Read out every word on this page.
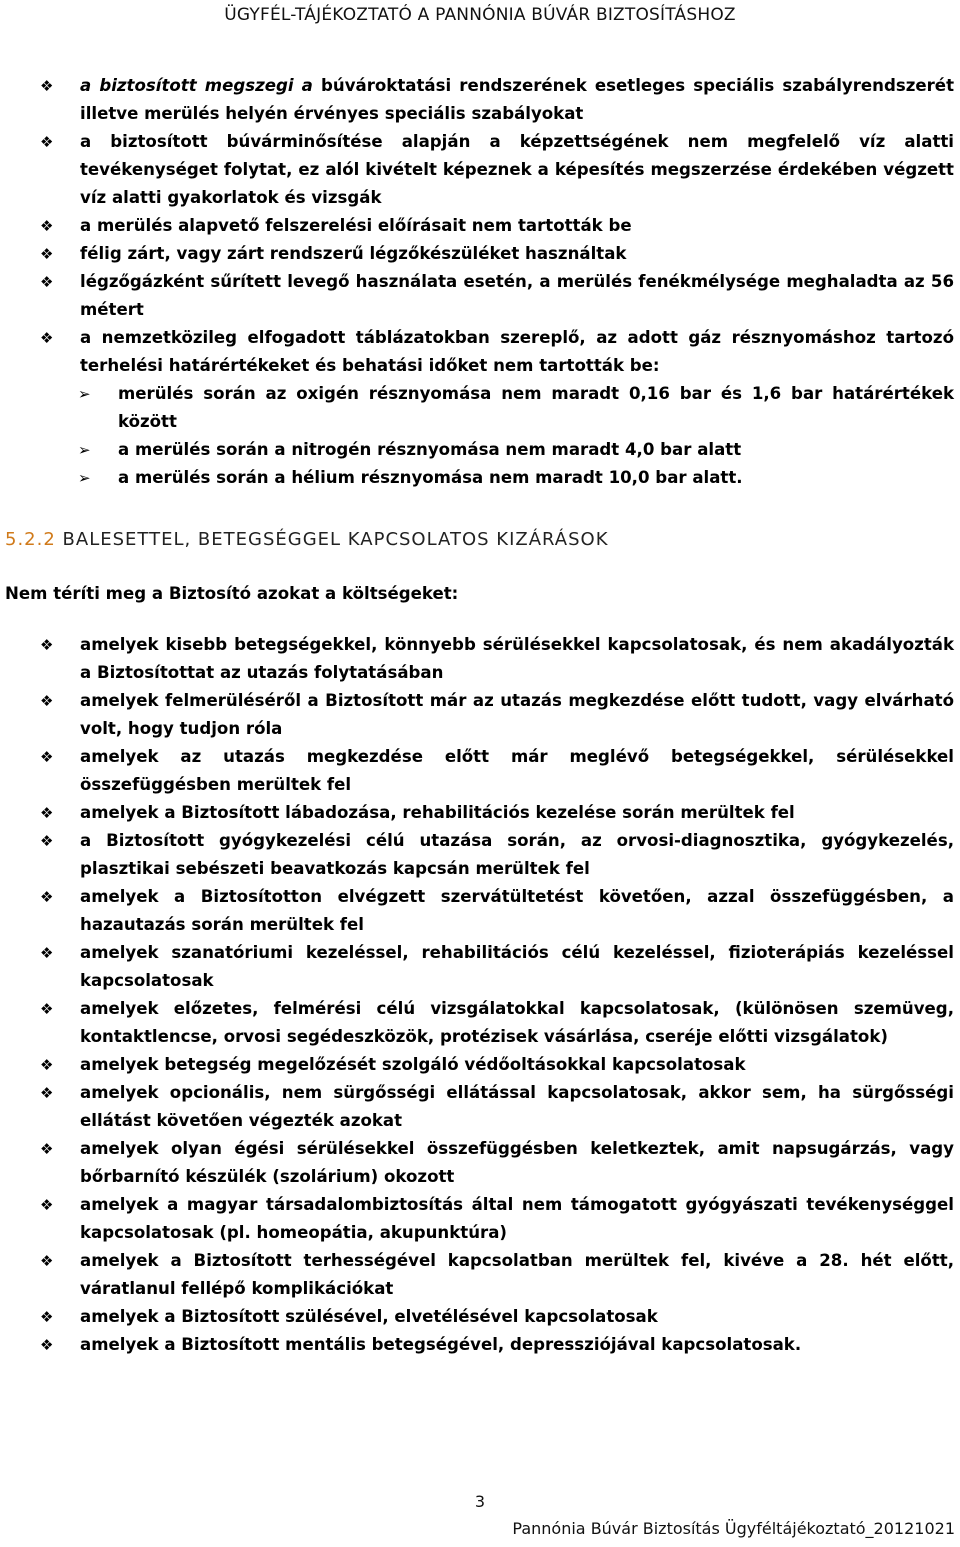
ÜGYFÉL-TÁJÉKOZTATÓ A PANNÓNIA BÚVÁR BIZTOSÍTÁSHOZ
❖	a biztosított megszegi a búvároktatási rendszerének esetleges speciális szabályrendszerét illetve merülés helyén érvényes speciális szabályokat
❖	a biztosított búvárminősítése alapján a képzettségének nem megfelelő víz alatti tevékenységet folytat, ez alól kivételt képeznek a képesítés megszerzése érdekében végzett víz alatti gyakorlatok és vizsgák
❖	a merülés alapvető felszerelési előírásait nem tartották be
❖	félig zárt, vagy zárt rendszerű légzőkészüléket használtak
❖	légzőgázként sűrített levegő használata esetén, a merülés fenékmélysége meghaladta az 56 métert
❖	a nemzetközileg elfogadott táblázatokban szereplő, az adott gáz résznyomáshoz tartozó terhelési határértékeket és behatási időket nem tartották be:
➢	merülés során az oxigén résznyomása nem maradt 0,16 bar és 1,6 bar határértékek között
➢	a merülés során a nitrogén résznyomása nem maradt 4,0 bar alatt
➢	a merülés során a hélium résznyomása nem maradt 10,0 bar alatt.
5.2.2 BALESETTEL, BETEGSÉGGEL KAPCSOLATOS KIZÁRÁSOK
Nem téríti meg a Biztosító azokat a költségeket:
❖	amelyek kisebb betegségekkel, könnyebb sérülésekkel kapcsolatosak, és nem akadályozták a Biztosítottat az utazás folytatásában
❖	amelyek felmerüléséről a Biztosított már az utazás megkezdése előtt tudott, vagy elvárható volt, hogy tudjon róla
❖	amelyek az utazás megkezdése előtt már meglévő betegségekkel, sérülésekkel összefüggésben merültek fel
❖	amelyek a Biztosított lábadozása, rehabilitációs kezelése során merültek fel
❖	a Biztosított gyógykezelési célú utazása során, az orvosi-diagnosztika, gyógykezelés, plasztikai sebészeti beavatkozás kapcsán merültek fel
❖	amelyek a Biztosítotton elvégzett szervátültetést követően, azzal összefüggésben, a hazautazás során merültek fel
❖	amelyek szanatóriumi kezeléssel, rehabilitációs célú kezeléssel, fizioterápiás kezeléssel kapcsolatosak
❖	amelyek előzetes, felmérési célú vizsgálatokkal kapcsolatosak, (különösen szemüveg, kontaktlencse, orvosi segédeszközök, protézisek vásárlása, cseréje előtti vizsgálatok)
❖	amelyek betegség megelőzését szolgáló védőoltásokkal kapcsolatosak
❖	amelyek opcionális, nem sürgősségi ellátással kapcsolatosak, akkor sem, ha sürgősségi ellátást követően végezték azokat
❖	amelyek olyan égési sérülésekkel összefüggésben keletkeztek, amit napsugárzás, vagy bőrbarnító készülék (szolárium) okozott
❖	amelyek a magyar társadalombiztosítás által nem támogatott gyógyászati tevékenységgel kapcsolatosak (pl. homeopátia, akupunktúra)
❖	amelyek a Biztosított terhességével kapcsolatban merültek fel, kivéve a 28. hét előtt, váratlanul fellépő komplikációkat
❖	amelyek a Biztosított szülésével, elvetélésével kapcsolatosak
❖	amelyek a Biztosított mentális betegségével, depressziójával kapcsolatosak.
3
Pannónia Búvár Biztosítás Ügyféltájékoztató_20121021
